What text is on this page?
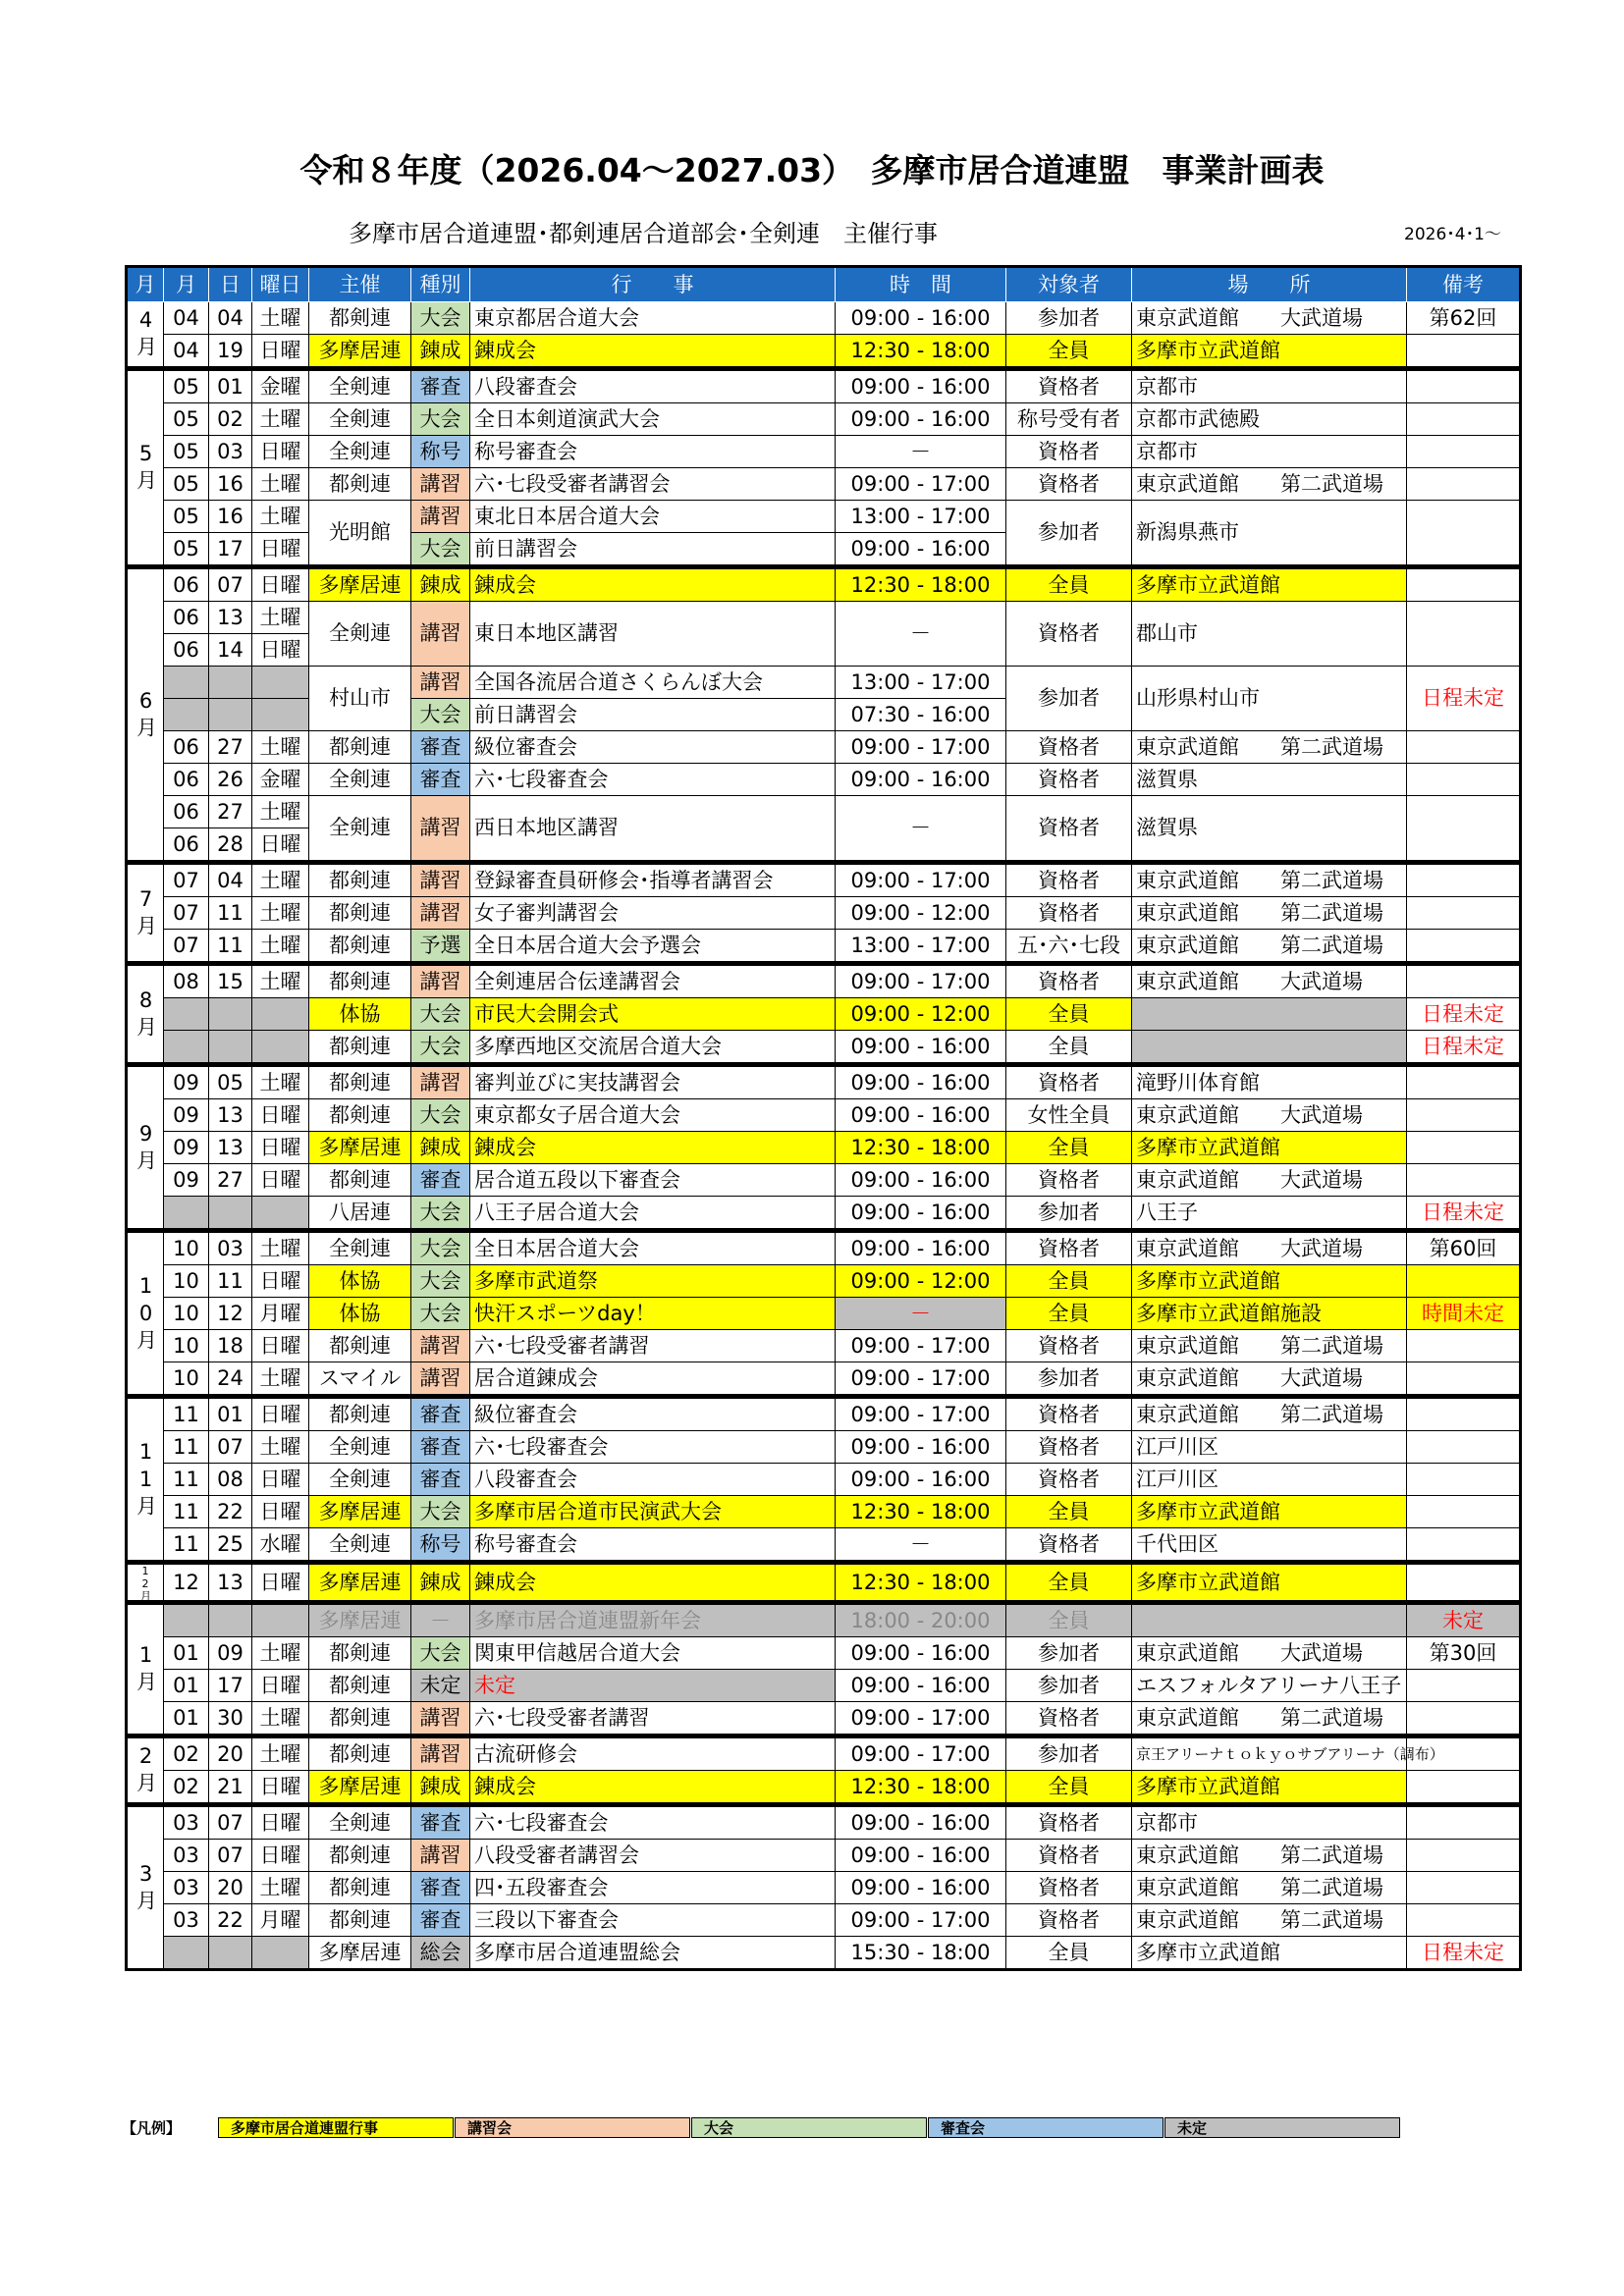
令和８年度（2026.04～2027.03）　多摩市居合道連盟　事業計画表
多摩市居合道連盟･都剣連居合道部会･全剣連　主催行事	2026･4･1～
月	月	日	曜日	主催	種別	行　　事	時　間	対象者	場　　所	備考
4月	04	04	土曜	都剣連	大会	東京都居合道大会	09:00 - 16:00	参加者	東京武道館　　大武道場	第62回
	04	19	日曜	多摩居連	錬成	錬成会	12:30 - 18:00	全員	多摩市立武道館	
5月	05	01	金曜	全剣連	審査	八段審査会	09:00 - 16:00	資格者	京都市	
	05	02	土曜	全剣連	大会	全日本剣道演武大会	09:00 - 16:00	称号受有者	京都市武徳殿	
	05	03	日曜	全剣連	称号	称号審査会	－	資格者	京都市	
	05	16	土曜	都剣連	講習	六･七段受審者講習会	09:00 - 17:00	資格者	東京武道館　　第二武道場	
	05	16	土曜	光明館	講習	東北日本居合道大会	13:00 - 17:00	参加者	新潟県燕市	
	05	17	日曜		大会	前日講習会	09:00 - 16:00			
6月	06	07	日曜	多摩居連	錬成	錬成会	12:30 - 18:00	全員	多摩市立武道館	
	06	13	土曜	全剣連	講習	東日本地区講習	－	資格者	郡山市	
	06	14	日曜							
				村山市	講習	全国各流居合道さくらんぼ大会	13:00 - 17:00	参加者	山形県村山市	日程未定
					大会	前日講習会	07:30 - 16:00			
	06	27	土曜	都剣連	審査	級位審査会	09:00 - 17:00	資格者	東京武道館　　第二武道場	
	06	26	金曜	全剣連	審査	六･七段審査会	09:00 - 16:00	資格者	滋賀県	
	06	27	土曜	全剣連	講習	西日本地区講習	－	資格者	滋賀県	
	06	28	日曜							
7月	07	04	土曜	都剣連	講習	登録審査員研修会･指導者講習会	09:00 - 17:00	資格者	東京武道館　　第二武道場	
	07	11	土曜	都剣連	講習	女子審判講習会	09:00 - 12:00	資格者	東京武道館　　第二武道場	
	07	11	土曜	都剣連	予選	全日本居合道大会予選会	13:00 - 17:00	五･六･七段	東京武道館　　第二武道場	
8月	08	15	土曜	都剣連	講習	全剣連居合伝達講習会	09:00 - 17:00	資格者	東京武道館　　大武道場	
				体協	大会	市民大会開会式	09:00 - 12:00	全員		日程未定
				都剣連	大会	多摩西地区交流居合道大会	09:00 - 16:00	全員		日程未定
9月	09	05	土曜	都剣連	講習	審判並びに実技講習会	09:00 - 16:00	資格者	滝野川体育館	
	09	13	日曜	都剣連	大会	東京都女子居合道大会	09:00 - 16:00	女性全員	東京武道館　　大武道場	
	09	13	日曜	多摩居連	錬成	錬成会	12:30 - 18:00	全員	多摩市立武道館	
	09	27	日曜	都剣連	審査	居合道五段以下審査会	09:00 - 16:00	資格者	東京武道館　　大武道場	
				八居連	大会	八王子居合道大会	09:00 - 16:00	参加者	八王子	日程未定
10月	10	03	土曜	全剣連	大会	全日本居合道大会	09:00 - 16:00	資格者	東京武道館　　大武道場	第60回
	10	11	日曜	体協	大会	多摩市武道祭	09:00 - 12:00	全員	多摩市立武道館	
	10	12	月曜	体協	大会	快汗スポーツday！	－	全員	多摩市立武道館施設	時間未定
	10	18	日曜	都剣連	講習	六･七段受審者講習	09:00 - 17:00	資格者	東京武道館　　第二武道場	
	10	24	土曜	スマイル	講習	居合道錬成会	09:00 - 17:00	参加者	東京武道館　　大武道場	
11月	11	01	日曜	都剣連	審査	級位審査会	09:00 - 17:00	資格者	東京武道館　　第二武道場	
	11	07	土曜	全剣連	審査	六･七段審査会	09:00 - 16:00	資格者	江戸川区	
	11	08	日曜	全剣連	審査	八段審査会	09:00 - 16:00	資格者	江戸川区	
	11	22	日曜	多摩居連	大会	多摩市居合道市民演武大会	12:30 - 18:00	全員	多摩市立武道館	
	11	25	水曜	全剣連	称号	称号審査会	－	資格者	千代田区	
12月	12	13	日曜	多摩居連	錬成	錬成会	12:30 - 18:00	全員	多摩市立武道館	
1月				多摩居連	－	多摩市居合道連盟新年会	18:00 - 20:00	全員		未定
	01	09	土曜	都剣連	大会	関東甲信越居合道大会	09:00 - 16:00	参加者	東京武道館　　大武道場	第30回
	01	17	日曜	都剣連	未定	未定	09:00 - 16:00	参加者	エスフォルタアリーナ八王子	
	01	30	土曜	都剣連	講習	六･七段受審者講習	09:00 - 17:00	資格者	東京武道館　　第二武道場	
2月	02	20	土曜	都剣連	講習	古流研修会	09:00 - 17:00	参加者	京王アリーナｔｏｋｙｏサブアリーナ（調布）	
	02	21	日曜	多摩居連	錬成	錬成会	12:30 - 18:00	全員	多摩市立武道館	
3月	03	07	日曜	全剣連	審査	六･七段審査会	09:00 - 16:00	資格者	京都市	
	03	07	日曜	都剣連	講習	八段受審者講習会	09:00 - 16:00	資格者	東京武道館　　第二武道場	
	03	20	土曜	都剣連	審査	四･五段審査会	09:00 - 16:00	資格者	東京武道館　　第二武道場	
	03	22	月曜	都剣連	審査	三段以下審査会	09:00 - 17:00	資格者	東京武道館　　第二武道場	
				多摩居連	総会	多摩市居合道連盟総会	15:30 - 18:00	全員	多摩市立武道館	日程未定
【凡例】	多摩市居合道連盟行事	講習会	大会	審査会	未定
